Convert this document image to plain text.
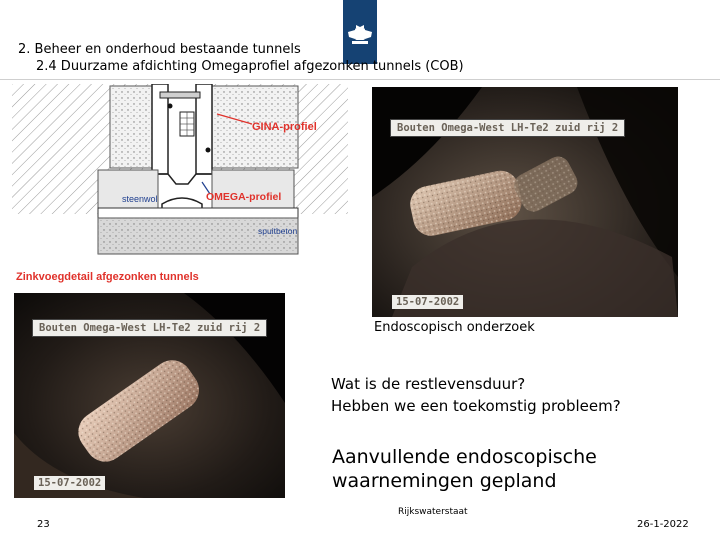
2. Beheer en onderhoud bestaande tunnels
2.4 Duurzame afdichting Omegaprofiel afgezonken tunnels (COB)
GINA-profiel
OMEGA-profiel
steenwol
spuitbeton
Zinkvoegdetail afgezonken tunnels
Bouten Omega-West LH-Te2 zuid rij 2
15-07-2002
Endoscopisch onderzoek
Bouten Omega-West LH-Te2 zuid rij 2
15-07-2002
Wat is de restlevensduur?
Hebben we een toekomstig probleem?
Aanvullende endoscopische
waarnemingen gepland
Rijkswaterstaat
23	26-1-2022
